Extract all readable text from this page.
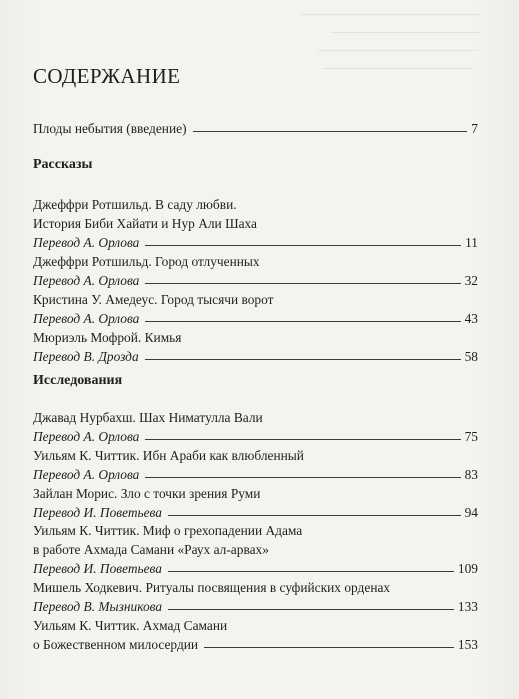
СОДЕРЖАНИЕ
Плоды небытия (введение)	7
Рассказы
Джеффри Ротшильд. В саду любви.
История Биби Хайати и Нур Али Шаха
Перевод А. Орлова	11
Джеффри Ротшильд. Город отлученных
Перевод А. Орлова	32
Кристина У. Амедеус. Город тысячи ворот
Перевод А. Орлова	43
Мюриэль Мофрой. Кимья
Перевод В. Дрозда	58
Исследования
Джавад Нурбахш. Шах Ниматулла Вали
Перевод А. Орлова	75
Уильям К. Читтик. Ибн Араби как влюбленный
Перевод А. Орлова	83
Зайлан Морис. Зло с точки зрения Руми
Перевод И. Поветьева	94
Уильям К. Читтик. Миф о грехопадении Адама
в работе Ахмада Самани «Раух ал-арвах»
Перевод И. Поветьева	109
Мишель Ходкевич. Ритуалы посвящения в суфийских орденах
Перевод В. Мызникова	133
Уильям К. Читтик. Ахмад Самани
о Божественном милосердии	153
